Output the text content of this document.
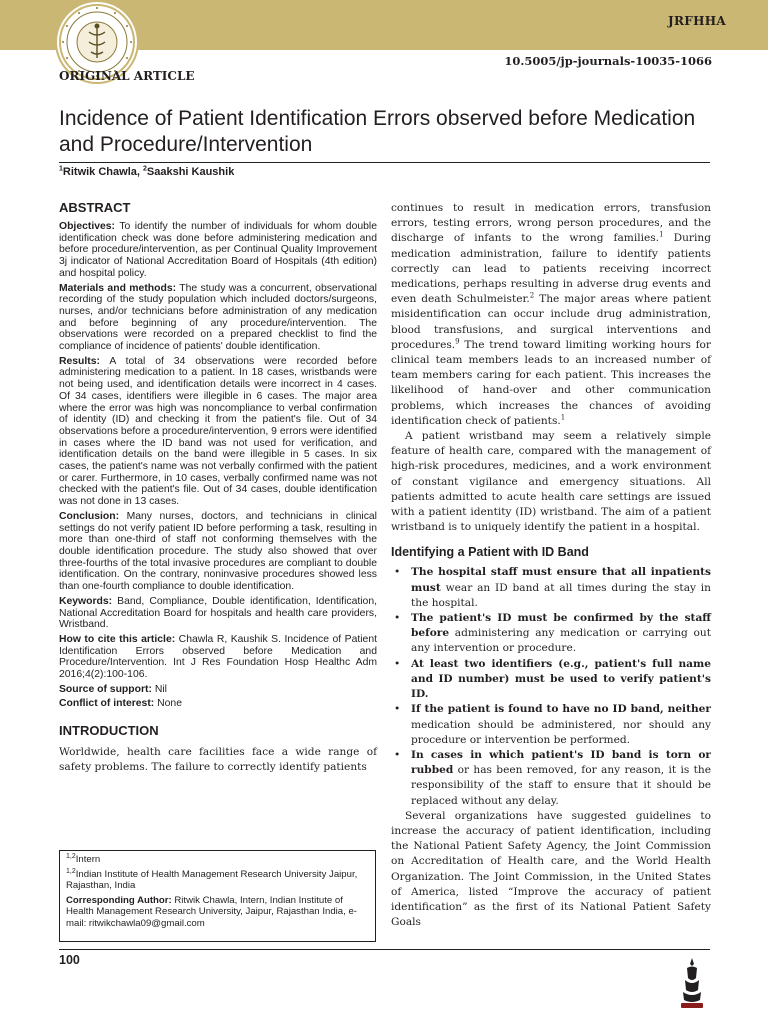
JRFHHA
10.5005/jp-journals-10035-1066
ORIGINAL ARTICLE
Incidence of Patient Identification Errors observed before Medication and Procedure/Intervention
$^1$Ritwik Chawla, $^2$Saakshi Kaushik
ABSTRACT

Objectives: To identify the number of individuals for whom double identification check was done before administering medication and before procedure/intervention, as per Continual Quality Improvement 3j indicator of National Accreditation Board of Hospitals (4th edition) and hospital policy.

Materials and methods: The study was a concurrent, observational recording of the study population which included doctors/surgeons, nurses, and/or technicians before administration of any medication and before beginning of any procedure/intervention. The observations were recorded on a prepared checklist to find the compliance of incidence of patients' double identification.

Results: A total of 34 observations were recorded before administering medication to a patient. In 18 cases, wristbands were not being used, and identification details were incorrect in 4 cases. Of 34 cases, identifiers were illegible in 6 cases. The major area where the error was high was noncompliance to verbal confirmation of identity (ID) and checking it from the patient's file. Out of 34 observations before a procedure/intervention, 9 errors were identified in cases where the ID band was not used for verification, and identification details on the band were illegible in 5 cases. In six cases, the patient's name was not verbally confirmed with the patient or carer. Furthermore, in 10 cases, verbally confirmed name was not checked with the patient's file. Out of 34 cases, double identification was not done in 13 cases.

Conclusion: Many nurses, doctors, and technicians in clinical settings do not verify patient ID before performing a task, resulting in more than one-third of staff not conforming themselves with the double identification procedure. The study also showed that over three-fourths of the total invasive procedures are compliant to double identification. On the contrary, noninvasive procedures showed less than one-fourth compliance to double identification.

Keywords: Band, Compliance, Double identification, Identification, National Accreditation Board for hospitals and health care providers, Wristband.

How to cite this article: Chawla R, Kaushik S. Incidence of Patient Identification Errors observed before Medication and Procedure/Intervention. Int J Res Foundation Hosp Healthc Adm 2016;4(2):100-106.

Source of support: Nil

Conflict of interest: None

INTRODUCTION

Worldwide, health care facilities face a wide range of safety problems. The failure to correctly identify patients

$^{1,2}$Intern

$^{1,2}$Indian Institute of Health Management Research University Jaipur, Rajasthan, India

Corresponding Author: Ritwik Chawla, Intern, Indian Institute of Health Management Research University, Jaipur, Rajasthan India, e-mail: ritwikchawla09@gmail.com

continues to result in medication errors, transfusion errors, testing errors, wrong person procedures, and the discharge of infants to the wrong families.$^1$ During medication administration, failure to identify patients correctly can lead to patients receiving incorrect medications, perhaps resulting in adverse drug events and even death Schulmeister.$^2$ The major areas where patient misidentification can occur include drug administration, blood transfusions, and surgical interventions and procedures.$^9$ The trend toward limiting working hours for clinical team members leads to an increased number of team members caring for each patient. This increases the likelihood of hand-over and other communication problems, which increases the chances of avoiding identification check of patients.$^1$

A patient wristband may seem a relatively simple feature of health care, compared with the management of high-risk procedures, medicines, and a work environment of constant vigilance and emergency situations. All patients admitted to acute health care settings are issued with a patient identity (ID) wristband. The aim of a patient wristband is to uniquely identify the patient in a hospital.

Identifying a Patient with ID Band
• The hospital staff must ensure that all inpatients must wear an ID band at all times during the stay in the hospital.
• The patient's ID must be confirmed by the staff before administering any medication or carrying out any intervention or procedure.
• At least two identifiers (e.g., patient's full name and ID number) must be used to verify patient's ID.
• If the patient is found to have no ID band, neither medication should be administered, nor should any procedure or intervention be performed.
• In cases in which patient's ID band is torn or rubbed or has been removed, for any reason, it is the responsibility of the staff to ensure that it should be replaced without any delay.

Several organizations have suggested guidelines to increase the accuracy of patient identification, including the National Patient Safety Agency, the Joint Commission on Accreditation of Health care, and the World Health Organization. The Joint Commission, in the United States of America, listed “Improve the accuracy of patient identification” as the first of its National Patient Safety Goals

100
